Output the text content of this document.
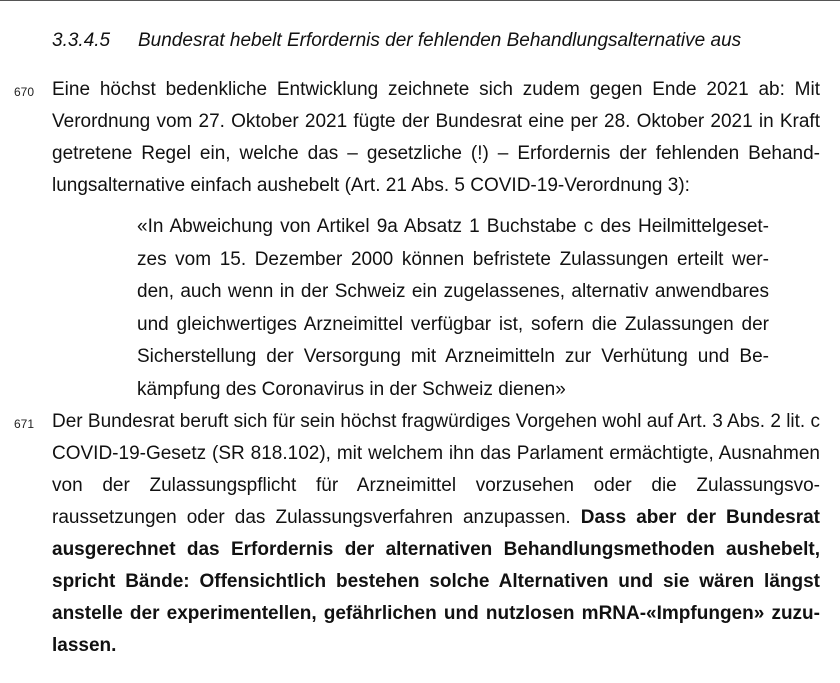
3.3.4.5 Bundesrat hebelt Erfordernis der fehlenden Behandlungsalternative aus
670 Eine höchst bedenkliche Entwicklung zeichnete sich zudem gegen Ende 2021 ab: Mit Verordnung vom 27. Oktober 2021 fügte der Bundesrat eine per 28. Oktober 2021 in Kraft getretene Regel ein, welche das – gesetzliche (!) – Erfordernis der fehlenden Behandlungsalternative einfach aushebelt (Art. 21 Abs. 5 COVID-19-Verordnung 3):
«In Abweichung von Artikel 9a Absatz 1 Buchstabe c des Heilmittelgesetzes vom 15. Dezember 2000 können befristete Zulassungen erteilt werden, auch wenn in der Schweiz ein zugelassenes, alternativ anwendbares und gleichwertiges Arzneimittel verfügbar ist, sofern die Zulassungen der Sicherstellung der Versorgung mit Arzneimitteln zur Verhütung und Bekämpfung des Coronavirus in der Schweiz dienen»
671 Der Bundesrat beruft sich für sein höchst fragwürdiges Vorgehen wohl auf Art. 3 Abs. 2 lit. c COVID-19-Gesetz (SR 818.102), mit welchem ihn das Parlament ermächtigte, Ausnahmen von der Zulassungspflicht für Arzneimittel vorzusehen oder die Zulassungsvoraussetzungen oder das Zulassungsverfahren anzupassen. Dass aber der Bundesrat ausgerechnet das Erfordernis der alternativen Behandlungsmethoden aushebelt, spricht Bände: Offensichtlich bestehen solche Alternativen und sie wären längst anstelle der experimentellen, gefährlichen und nutzlosen mRNA-«Impfungen» zuzulassen.
